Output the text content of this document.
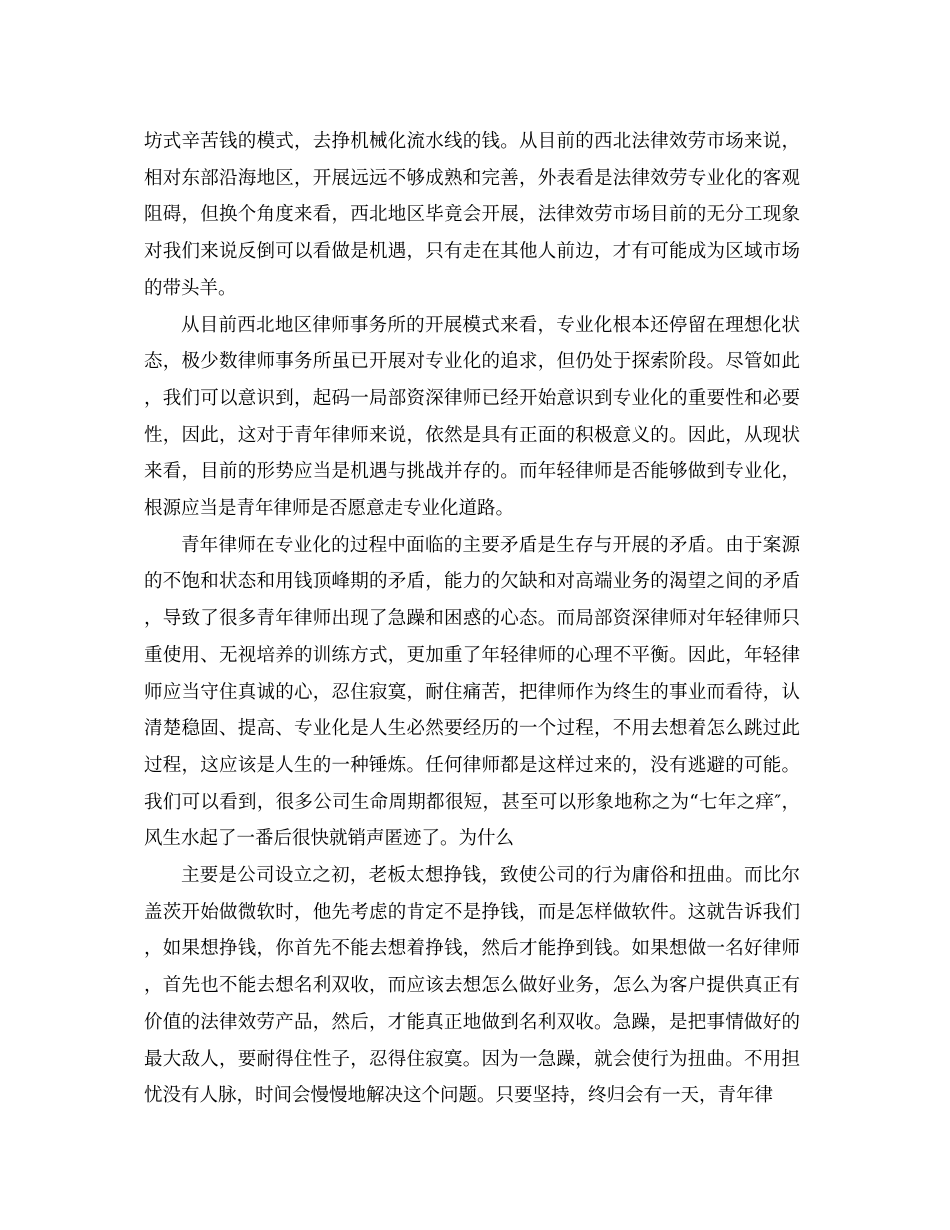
坊式辛苦钱的模式，去挣机械化流水线的钱。从目前的西北法律效劳市场来说，相对东部沿海地区，开展远远不够成熟和完善，外表看是法律效劳专业化的客观阻碍，但换个角度来看，西北地区毕竟会开展，法律效劳市场目前的无分工现象对我们来说反倒可以看做是机遇，只有走在其他人前边，才有可能成为区域市场的带头羊。

从目前西北地区律师事务所的开展模式来看，专业化根本还停留在理想化状态，极少数律师事务所虽已开展对专业化的追求，但仍处于探索阶段。尽管如此，我们可以意识到，起码一局部资深律师已经开始意识到专业化的重要性和必要性，因此，这对于青年律师来说，依然是具有正面的积极意义的。因此，从现状来看，目前的形势应当是机遇与挑战并存的。而年轻律师是否能够做到专业化，根源应当是青年律师是否愿意走专业化道路。

青年律师在专业化的过程中面临的主要矛盾是生存与开展的矛盾。由于案源的不饱和状态和用钱顶峰期的矛盾，能力的欠缺和对高端业务的渴望之间的矛盾，导致了很多青年律师出现了急躁和困惑的心态。而局部资深律师对年轻律师只重使用、无视培养的训练方式，更加重了年轻律师的心理不平衡。因此，年轻律师应当守住真诚的心，忍住寂寞，耐住痛苦，把律师作为终生的事业而看待，认清楚稳固、提高、专业化是人生必然要经历的一个过程，不用去想着怎么跳过此过程，这应该是人生的一种锤炼。任何律师都是这样过来的，没有逃避的可能。我们可以看到，很多公司生命周期都很短，甚至可以形象地称之为“七年之痒″，风生水起了一番后很快就销声匿迹了。为什么

主要是公司设立之初，老板太想挣钱，致使公司的行为庸俗和扭曲。而比尔盖茨开始做微软时，他先考虑的肯定不是挣钱，而是怎样做软件。这就告诉我们，如果想挣钱，你首先不能去想着挣钱，然后才能挣到钱。如果想做一名好律师，首先也不能去想名利双收，而应该去想怎么做好业务，怎么为客户提供真正有价值的法律效劳产品，然后，才能真正地做到名利双收。急躁，是把事情做好的最大敌人，要耐得住性子，忍得住寂寞。因为一急躁，就会使行为扭曲。不用担忧没有人脉，时间会慢慢地解决这个问题。只要坚持，终归会有一天，青年律
